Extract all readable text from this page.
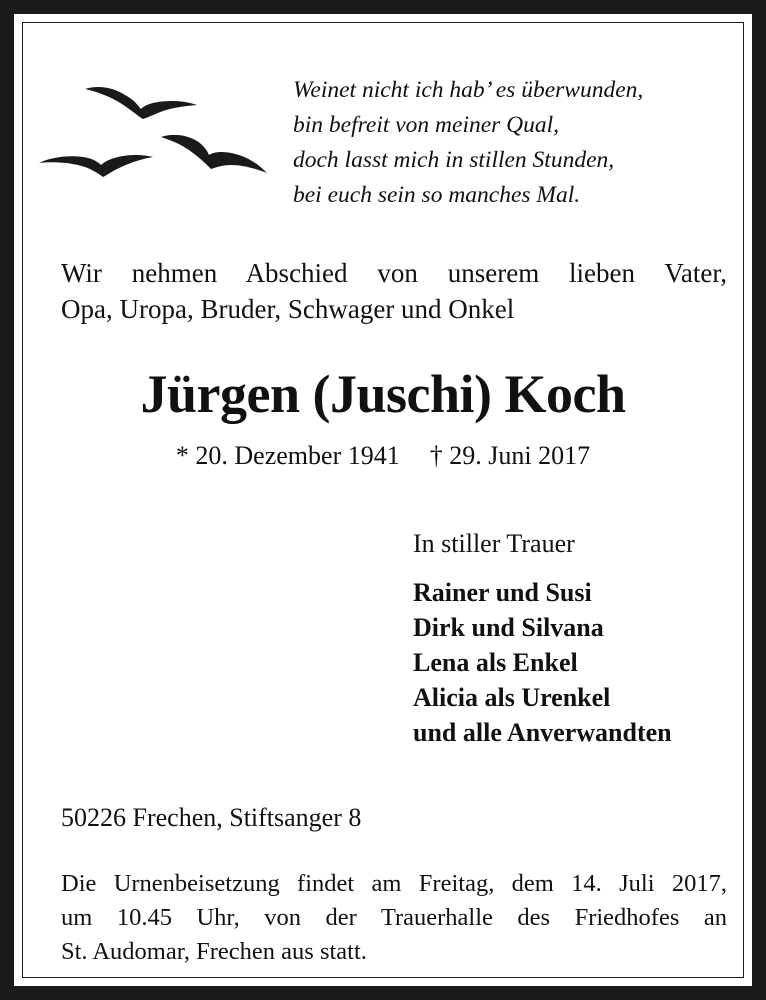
Weinet nicht ich hab’ es überwunden,
bin befreit von meiner Qual,
doch lasst mich in stillen Stunden,
bei euch sein so manches Mal.
Wir nehmen Abschied von unserem lieben Vater,
Opa, Uropa, Bruder, Schwager und Onkel
Jürgen (Juschi) Koch
* 20. Dezember 1941 † 29. Juni 2017
In stiller Trauer
Rainer und Susi
Dirk und Silvana
Lena als Enkel
Alicia als Urenkel
und alle Anverwandten
50226 Frechen, Stiftsanger 8
Die Urnenbeisetzung findet am Freitag, dem 14. Juli 2017,
um 10.45 Uhr, von der Trauerhalle des Friedhofes an
St. Audomar, Frechen aus statt.
